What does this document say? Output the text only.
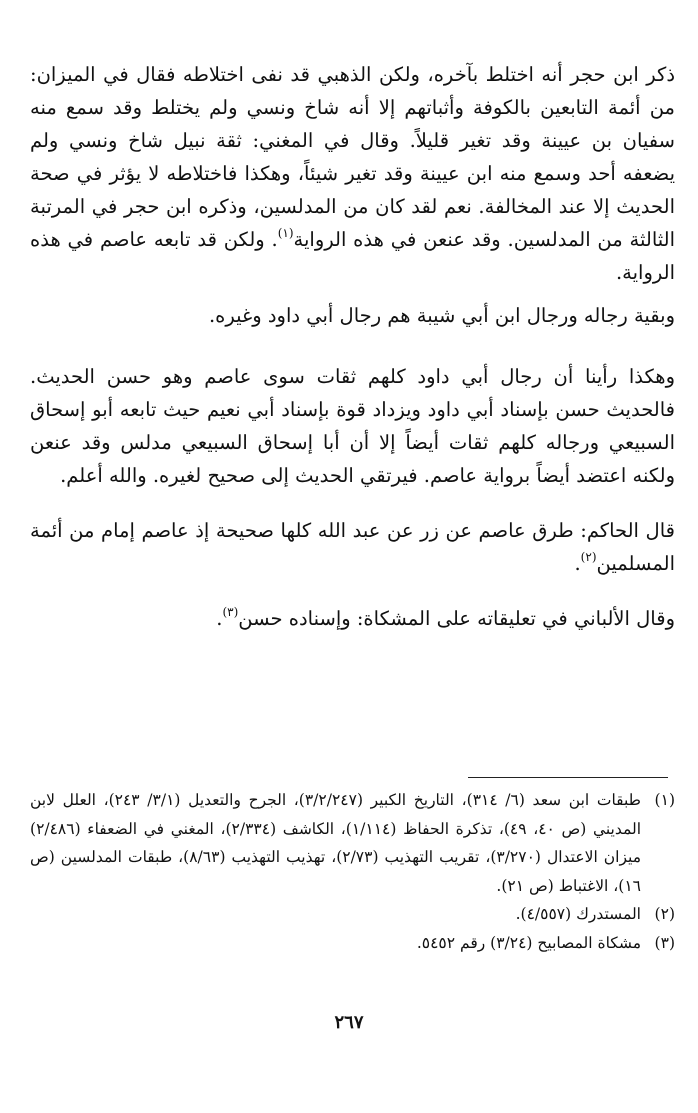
ذكر ابن حجر أنه اختلط بآخره، ولكن الذهبي قد نفى اختلاطه فقال في الميزان: من أئمة التابعين بالكوفة وأثباتهم إلا أنه شاخ ونسي ولم يختلط وقد سمع منه سفيان بن عيينة وقد تغير قليلاً. وقال في المغني: ثقة نبيل شاخ ونسي ولم يضعفه أحد وسمع منه ابن عيينة وقد تغير شيئاً، وهكذا فاختلاطه لا يؤثر في صحة الحديث إلا عند المخالفة. نعم لقد كان من المدلسين، وذكره ابن حجر في المرتبة الثالثة من المدلسين. وقد عنعن في هذه الرواية$^{(١)}$. ولكن قد تابعه عاصم في هذه الرواية.

وبقية رجاله ورجال ابن أبي شيبة هم رجال أبي داود وغيره.

وهكذا رأينا أن رجال أبي داود كلهم ثقات سوى عاصم وهو حسن الحديث. فالحديث حسن بإسناد أبي داود ويزداد قوة بإسناد أبي نعيم حيث تابعه أبو إسحاق السبيعي ورجاله كلهم ثقات أيضاً إلا أن أبا إسحاق السبيعي مدلس وقد عنعن ولكنه اعتضد أيضاً برواية عاصم. فيرتقي الحديث إلى صحيح لغيره. والله أعلم.

قال الحاكم: طرق عاصم عن زر عن عبد الله كلها صحيحة إذ عاصم إمام من أئمة المسلمين$^{(٢)}$.

وقال الألباني في تعليقاته على المشكاة: وإسناده حسن$^{(٣)}$.

(١)
طبقات ابن سعد (٦/ ٣١٤)، التاريخ الكبير (٣/٢/٢٤٧)، الجرح والتعديل (٣/١/ ٢٤٣)، العلل لابن المديني (ص ٤٠، ٤٩)، تذكرة الحفاظ (١/١١٤)، الكاشف (٢/٣٣٤)، المغني في الضعفاء (٢/٤٨٦) ميزان الاعتدال (٣/٢٧٠)، تقريب التهذيب (٢/٧٣)، تهذيب التهذيب (٨/٦٣)، طبقات المدلسين (ص ١٦)، الاغتباط (ص ٢١).
(٢)
المستدرك (٤/٥٥٧).
(٣)
مشكاة المصابيح (٣/٢٤) رقم ٥٤٥٢.
٢٦٧
